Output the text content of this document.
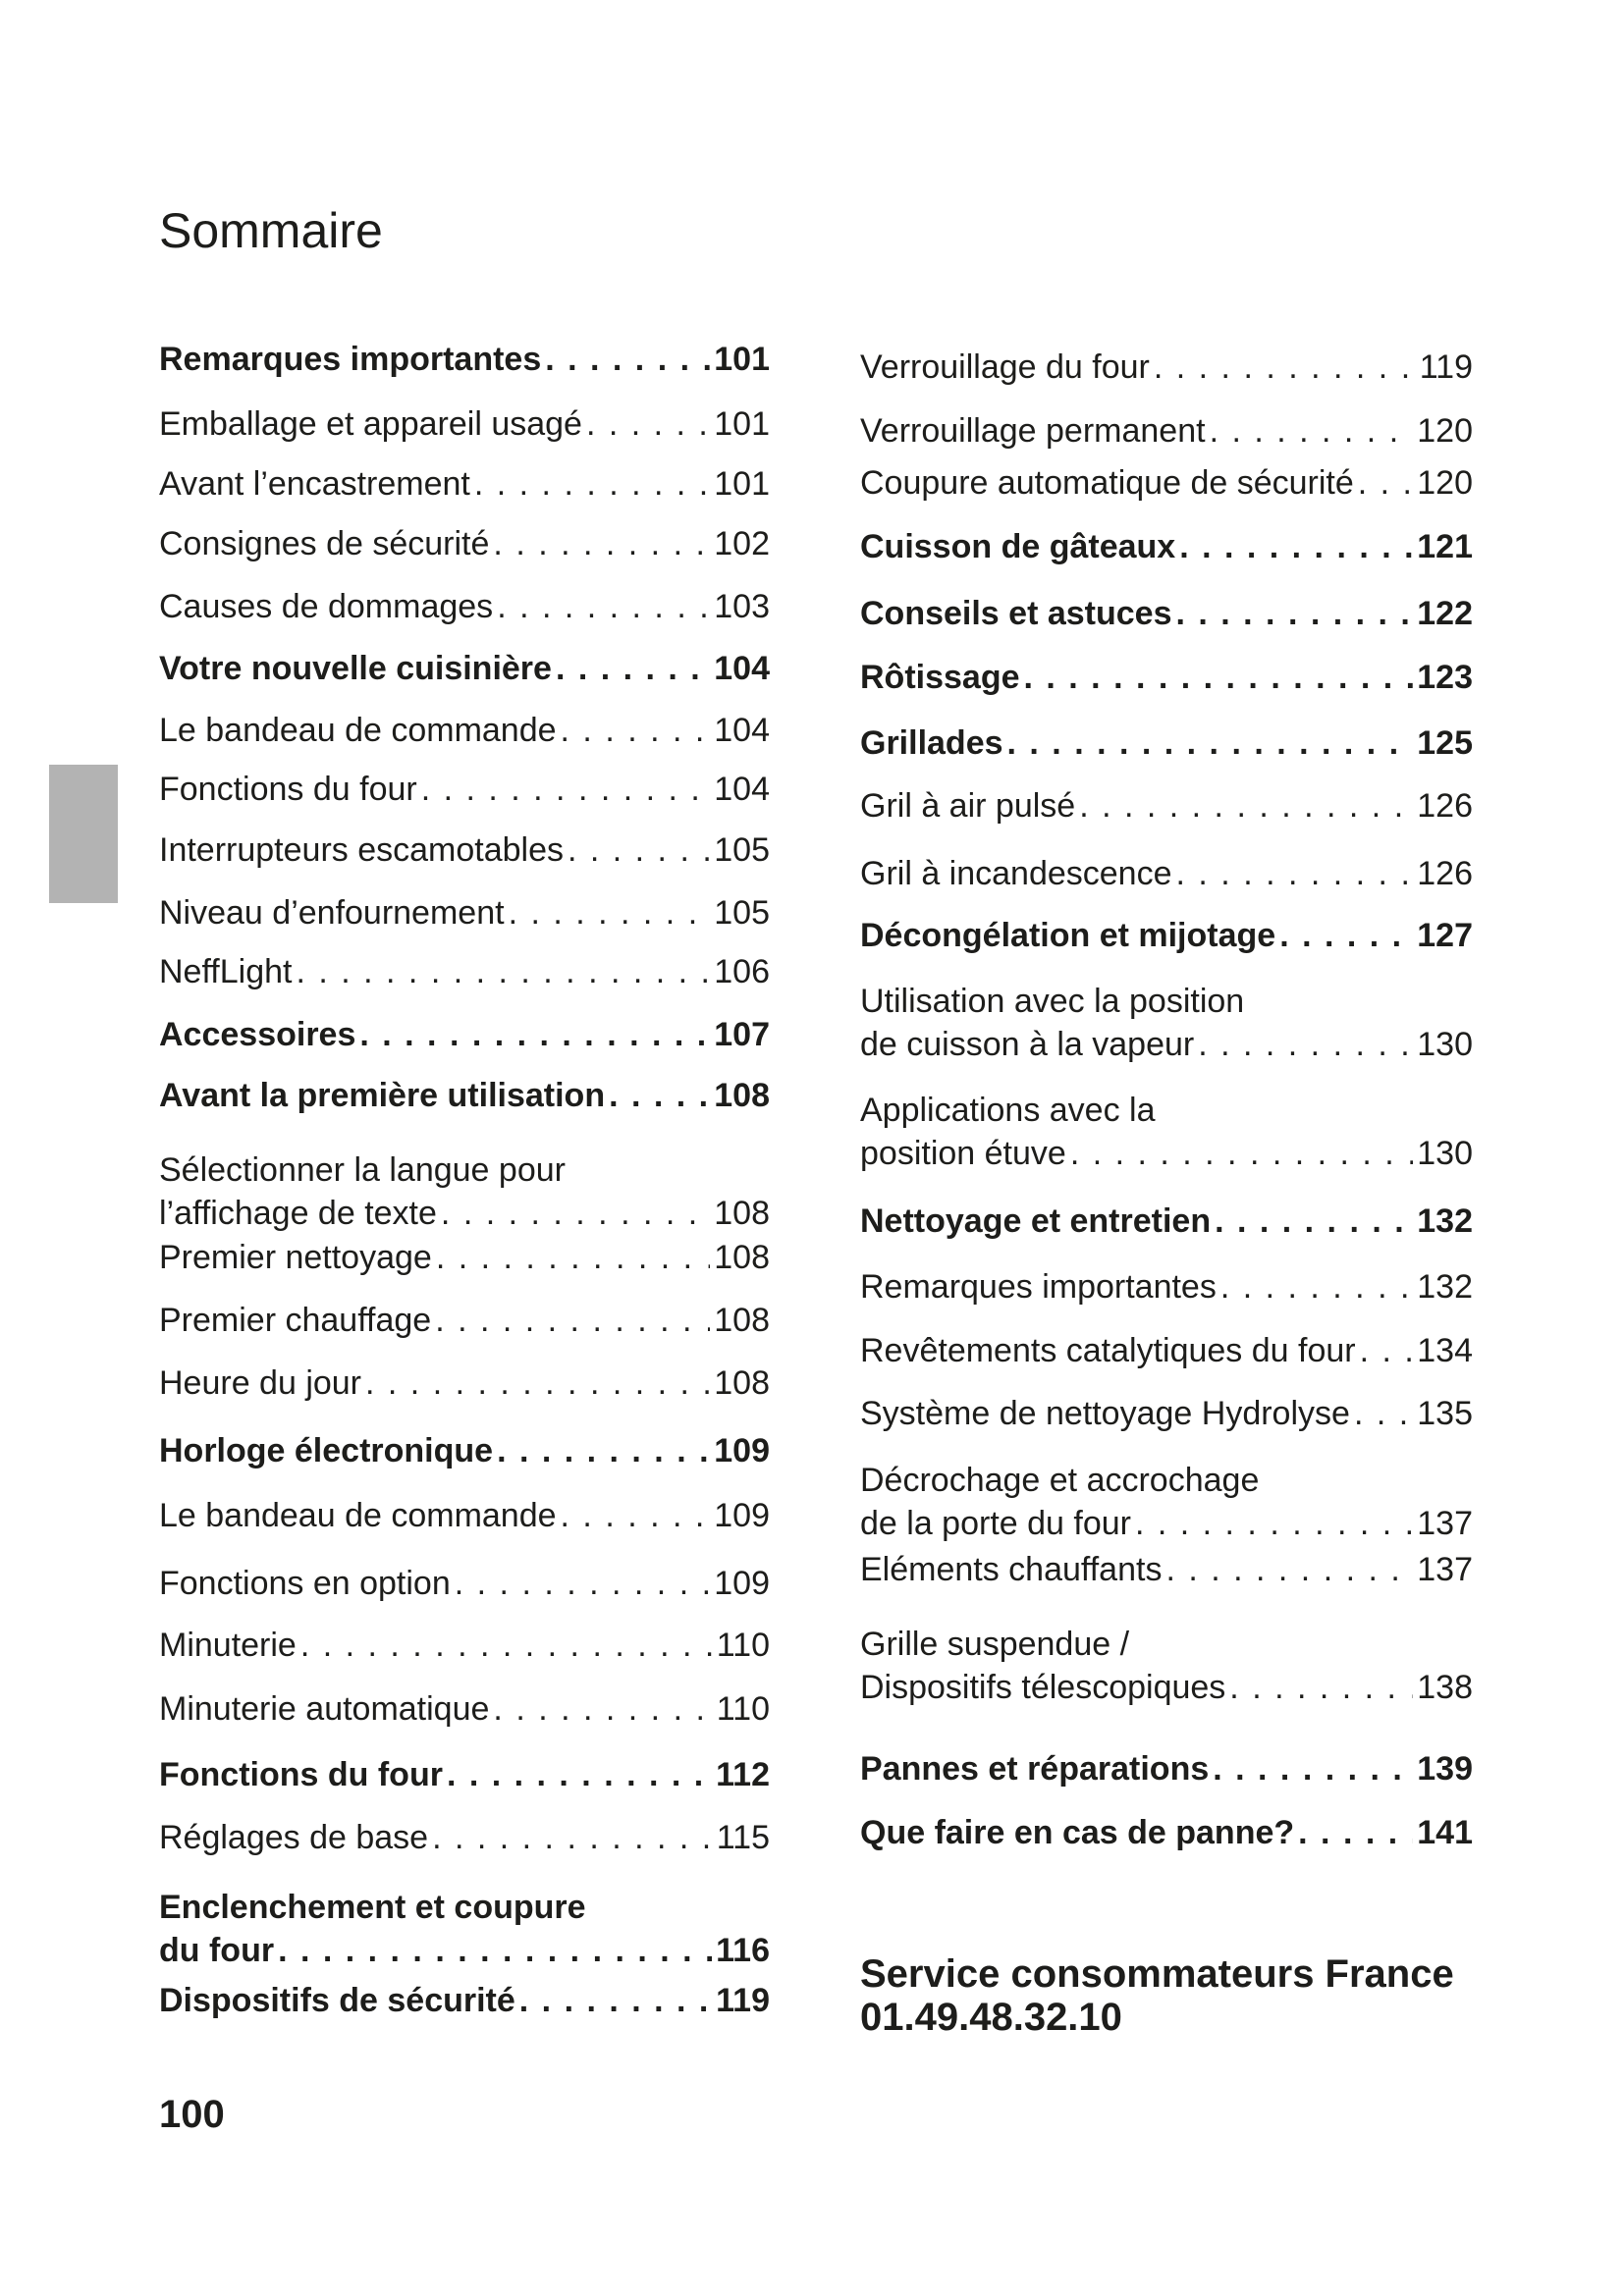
Sommaire
Remarques importantes . . .	101
Emballage et appareil usagé . . .	101
Avant l’encastrement . . .	101
Consignes de sécurité . . .	102
Causes de dommages . . .	103
Votre nouvelle cuisinière . . .	104
Le bandeau de commande . . .	104
Fonctions du four . . .	104
Interrupteurs escamotables . . .	105
Niveau d’enfournement . . .	105
NeffLight . . .	106
Accessoires . . .	107
Avant la première utilisation . . .	108
Sélectionner la langue pour
l’affichage de texte . . .	108
Premier nettoyage . . .	108
Premier chauffage . . .	108
Heure du jour . . .	108
Horloge électronique . . .	109
Le bandeau de commande . . .	109
Fonctions en option . . .	109
Minuterie . . .	110
Minuterie automatique . . .	110
Fonctions du four . . .	112
Réglages de base . . .	115
Enclenchement et coupure
du four . . .	116
Dispositifs de sécurité . . .	119
Verrouillage du four . . .	119
Verrouillage permanent . . .	120
Coupure automatique de sécurité . . . 120
Cuisson de gâteaux . . .	121
Conseils et astuces . . .	122
Rôtissage . . .	123
Grillades . . .	125
Gril à air pulsé . . .	126
Gril à incandescence . . .	126
Décongélation et mijotage . . .	127
Utilisation avec la position
de cuisson à la vapeur . . .	130
Applications avec la
position étuve . . .	130
Nettoyage et entretien . . .	132
Remarques importantes . . .	132
Revêtements catalytiques du four . . . 134
Système de nettoyage Hydrolyse . . . 135
Décrochage et accrochage
de la porte du four . . .	137
Eléments chauffants . . .	137
Grille suspendue /
Dispositifs télescopiques . . .	138
Pannes et réparations . . .	139
Que faire en cas de panne? . . .	141
Service consommateurs France
01.49.48.32.10
100
